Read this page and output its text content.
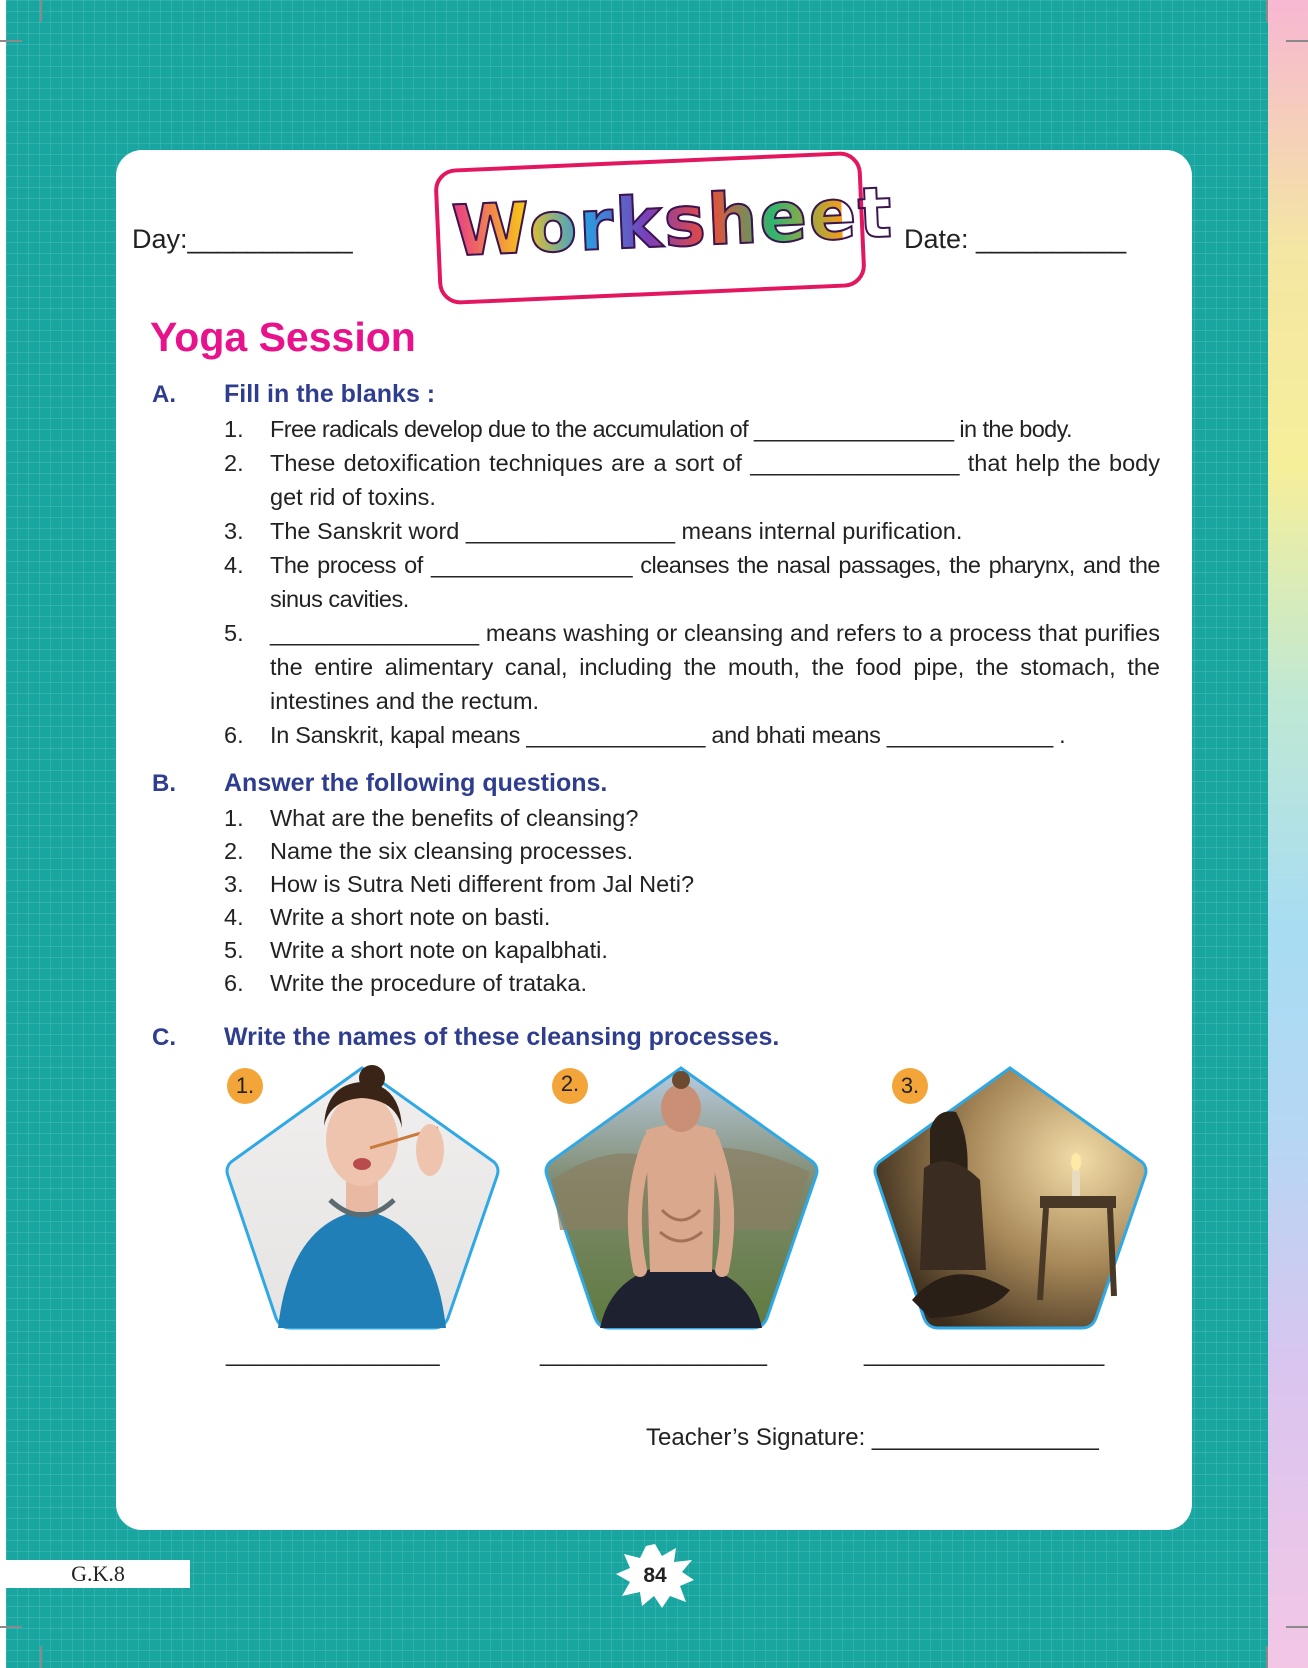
Day:___________ Worksheet Date: __________
Yoga Session
A. Fill in the blanks :
1. Free radicals develop due to the accumulation of ________________ in the body.
2. These detoxification techniques are a sort of ________________ that help the body get rid of toxins.
3. The Sanskrit word ________________ means internal purification.
4. The process of ________________ cleanses the nasal passages, the pharynx, and the sinus cavities.
5. ________________ means washing or cleansing and refers to a process that purifies the entire alimentary canal, including the mouth, the food pipe, the stomach, the intestines and the rectum.
6. In Sanskrit, kapal means ______________ and bhati means _____________ .
B. Answer the following questions.
1. What are the benefits of cleansing?
2. Name the six cleansing processes.
3. How is Sutra Neti different from Jal Neti?
4. Write a short note on basti.
5. Write a short note on kapalbhati.
6. Write the procedure of trataka.
C. Write the names of these cleansing processes.
1.	2.	3.
________________	_________________	__________________
Teacher’s Signature: _________________
G.K.8	84
